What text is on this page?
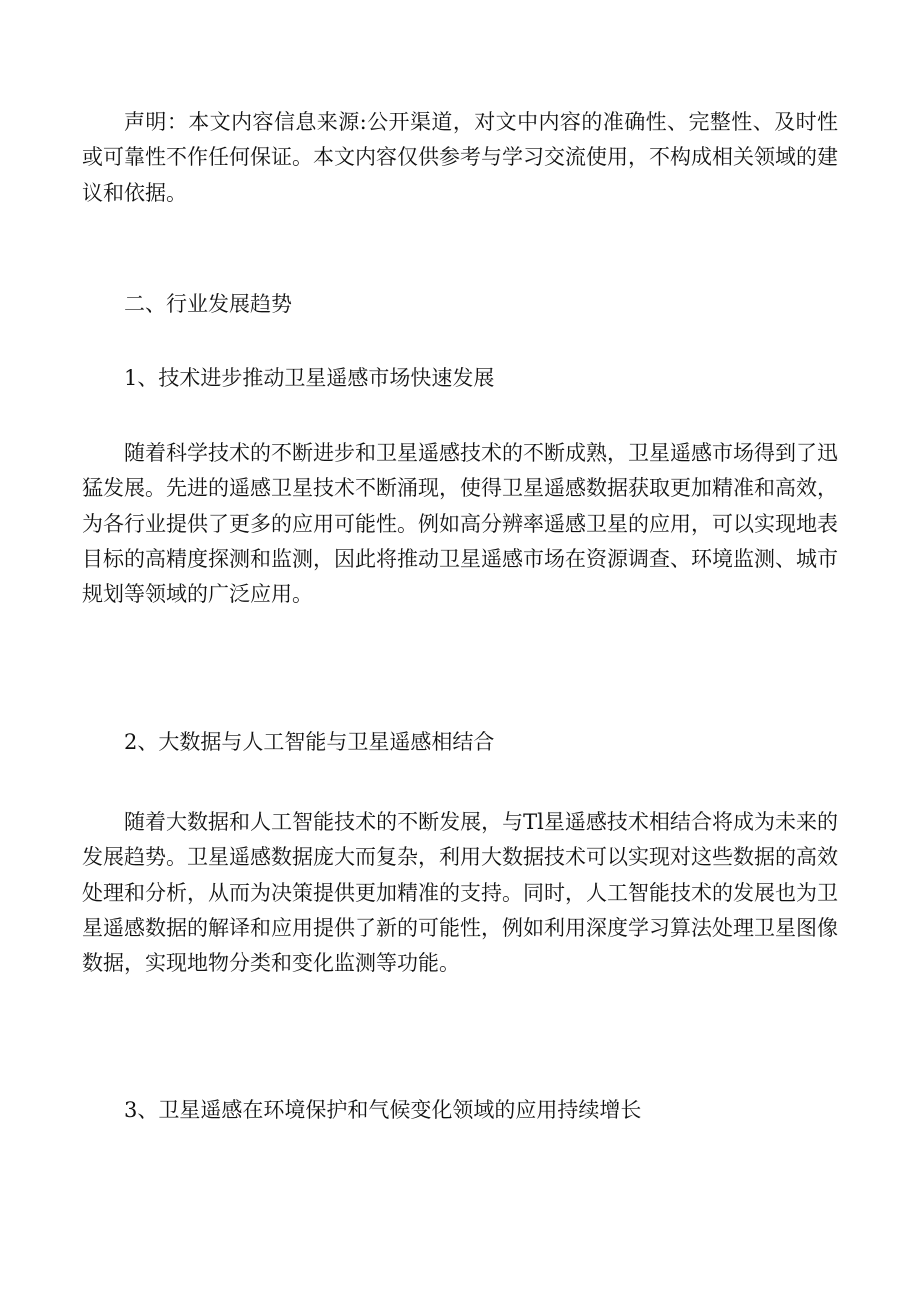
声明：本文内容信息来源:公开渠道，对文中内容的准确性、完整性、及时性或可靠性不作任何保证。本文内容仅供参考与学习交流使用，不构成相关领域的建议和依据。

二、行业发展趋势

1、技术进步推动卫星遥感市场快速发展

随着科学技术的不断进步和卫星遥感技术的不断成熟，卫星遥感市场得到了迅猛发展。先进的遥感卫星技术不断涌现，使得卫星遥感数据获取更加精准和高效，为各行业提供了更多的应用可能性。例如高分辨率遥感卫星的应用，可以实现地表目标的高精度探测和监测，因此将推动卫星遥感市场在资源调查、环境监测、城市规划等领域的广泛应用。

2、大数据与人工智能与卫星遥感相结合

随着大数据和人工智能技术的不断发展，与Tl星遥感技术相结合将成为未来的发展趋势。卫星遥感数据庞大而复杂，利用大数据技术可以实现对这些数据的高效处理和分析，从而为决策提供更加精准的支持。同时，人工智能技术的发展也为卫星遥感数据的解译和应用提供了新的可能性，例如利用深度学习算法处理卫星图像数据，实现地物分类和变化监测等功能。

3、卫星遥感在环境保护和气候变化领域的应用持续增长
